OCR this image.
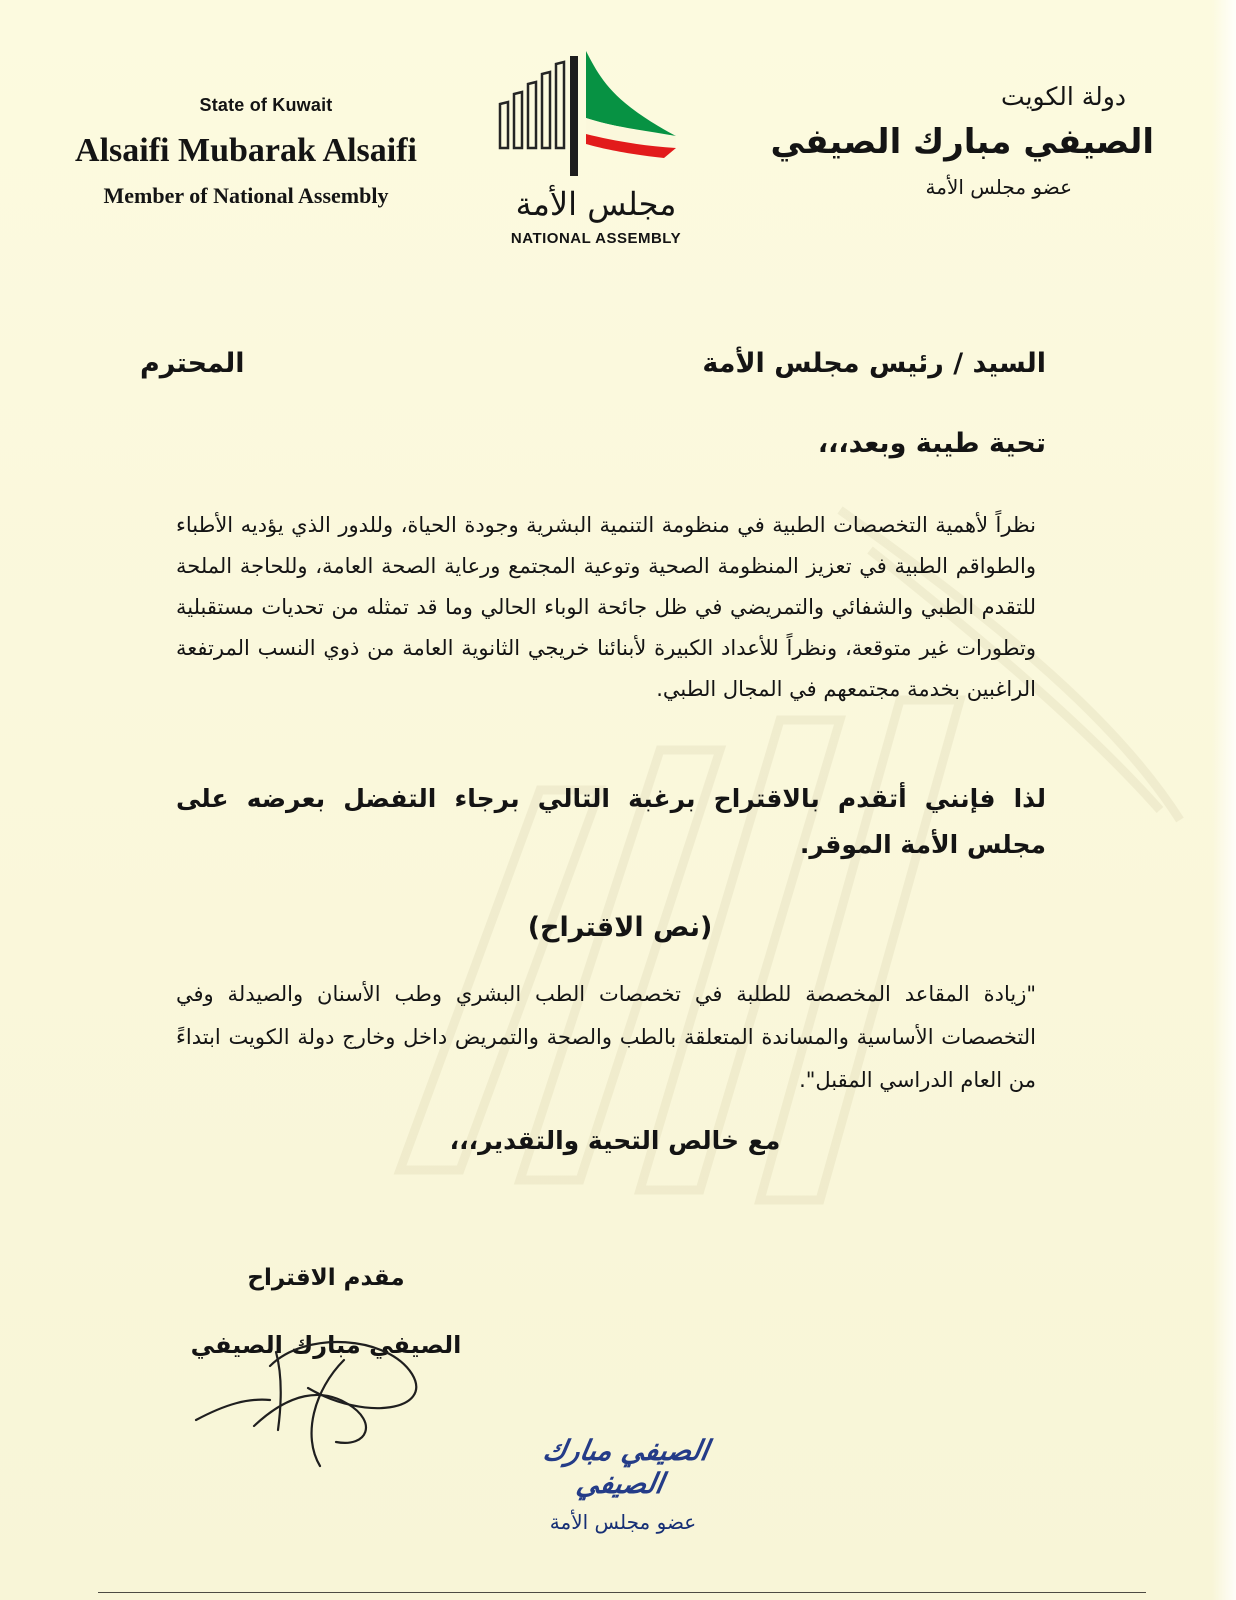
State of Kuwait
Alsaifi Mubarak Alsaifi
Member of National Assembly	مجلس الأمة
NATIONAL ASSEMBLY
دولة الكويت
الصيفي مبارك الصيفي
عضو مجلس الأمة
السيد / رئيس مجلس الأمة
المحترم
تحية طيبة وبعد،،،
نظراً لأهمية التخصصات الطبية في منظومة التنمية البشرية وجودة الحياة، وللدور الذي يؤديه الأطباء والطواقم الطبية في تعزيز المنظومة الصحية وتوعية المجتمع ورعاية الصحة العامة، وللحاجة الملحة للتقدم الطبي والشفائي والتمريضي في ظل جائحة الوباء الحالي وما قد تمثله من تحديات مستقبلية وتطورات غير متوقعة، ونظراً للأعداد الكبيرة لأبنائنا خريجي الثانوية العامة من ذوي النسب المرتفعة الراغبين بخدمة مجتمعهم في المجال الطبي.
لذا فإنني أتقدم بالاقتراح برغبة التالي برجاء التفضل بعرضه على مجلس الأمة الموقر.
(نص الاقتراح)
"زيادة المقاعد المخصصة للطلبة في تخصصات الطب البشري وطب الأسنان والصيدلة وفي التخصصات الأساسية والمساندة المتعلقة بالطب والصحة والتمريض داخل وخارج دولة الكويت ابتداءً من العام الدراسي المقبل".
مع خالص التحية والتقدير،،،
مقدم الاقتراح
الصيفي مبارك الصيفي
الصيفي مبارك الصيفي
عضو مجلس الأمة
